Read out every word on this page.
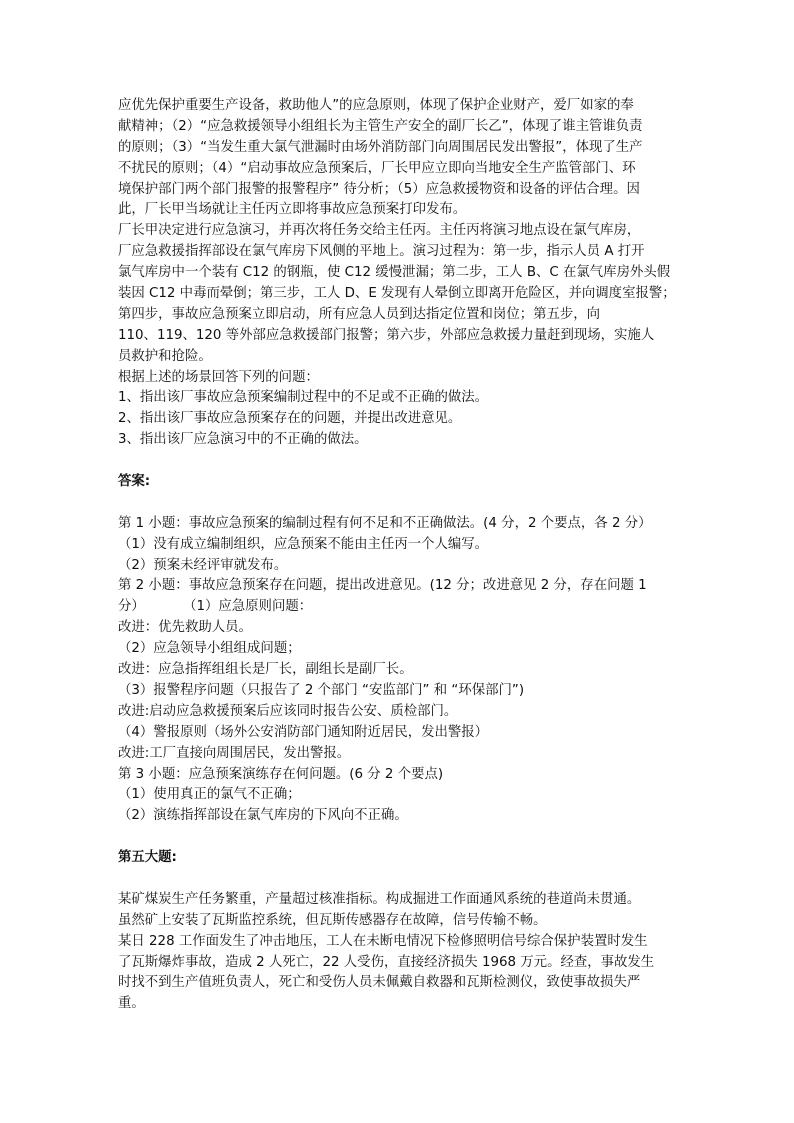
应优先保护重要生产设备，救助他人”的应急原则，体现了保护企业财产，爱厂如家的奉
献精神；（2）“应急救援领导小组组长为主管生产安全的副厂长乙”，体现了谁主管谁负责
的原则；（3）“当发生重大氯气泄漏时由场外消防部门向周围居民发出警报”，体现了生产
不扰民的原则；（4）“启动事故应急预案后，厂长甲应立即向当地安全生产监管部门、环
境保护部门两个部门报警的报警程序” 待分析；（5）应急救援物资和设备的评估合理。因
此，厂长甲当场就让主任丙立即将事故应急预案打印发布。
厂长甲决定进行应急演习，并再次将任务交给主任丙。主任丙将演习地点设在氯气库房，
厂应急救援指挥部设在氯气库房下风侧的平地上。演习过程为：第一步，指示人员 A 打开
氯气库房中一个装有 C12 的钢瓶，使 C12 缓慢泄漏；第二步，工人 B、C 在氯气库房外头假
装因 C12 中毒而晕倒；第三步，工人 D、E 发现有人晕倒立即离开危险区，并向调度室报警；
第四步，事故应急预案立即启动，所有应急人员到达指定位置和岗位；第五步，向
110、119、120 等外部应急救援部门报警；第六步，外部应急救援力量赶到现场，实施人
员救护和抢险。
根据上述的场景回答下列的问题：
1、指出该厂事故应急预案编制过程中的不足或不正确的做法。
2、指出该厂事故应急预案存在的问题，并提出改进意见。
3、指出该厂应急演习中的不正确的做法。
答案:
第 1 小题：事故应急预案的编制过程有何不足和不正确做法。(4 分，2 个要点，各 2 分）
（1）没有成立编制组织，应急预案不能由主任丙一个人编写。
（2）预案未经评审就发布。
第 2 小题：事故应急预案存在问题，提出改进意见。(12 分；改进意见 2 分，存在问题 1
分）         （1）应急原则问题：
改进：优先救助人员。
（2）应急领导小组组成问题；
改进：应急指挥组组长是厂长，副组长是副厂长。
（3）报警程序问题（只报告了 2 个部门 “安监部门” 和 “环保部门”)
改进:启动应急救援预案后应该同时报告公安、质检部门。
（4）警报原则（场外公安消防部门通知附近居民，发出警报）
改进:工厂直接向周围居民，发出警报。
第 3 小题：应急预案演练存在何问题。(6 分 2 个要点)
（1）使用真正的氯气不正确；
（2）演练指挥部设在氯气库房的下风向不正确。
第五大题:
某矿煤炭生产任务繁重，产量超过核准指标。构成掘进工作面通风系统的巷道尚未贯通。
虽然矿上安装了瓦斯监控系统，但瓦斯传感器存在故障，信号传输不畅。
某日 228 工作面发生了冲击地压，工人在未断电情况下检修照明信号综合保护装置时发生
了瓦斯爆炸事故，造成 2 人死亡，22 人受伤，直接经济损失 1968 万元。经查，事故发生
时找不到生产值班负责人，死亡和受伤人员未佩戴自救器和瓦斯检测仪，致使事故损失严
重。
